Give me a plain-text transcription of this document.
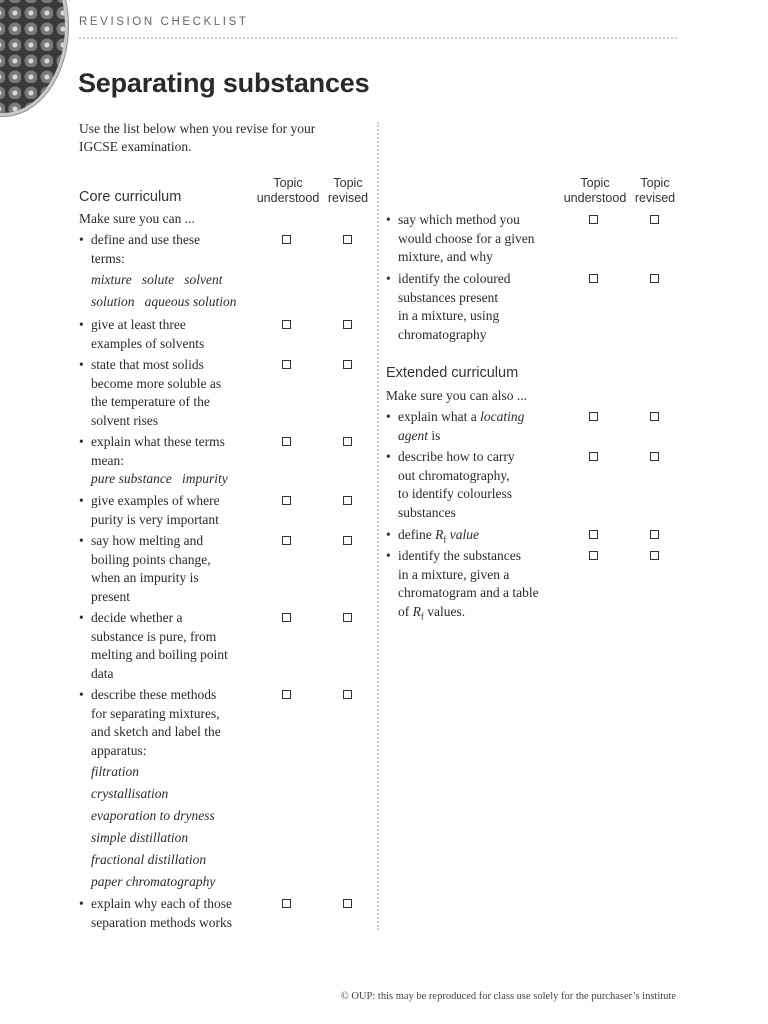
REVISION CHECKLIST
Separating substances
Use the list below when you revise for your
IGCSE examination.
Topic
understood
Topic
revised
Topic
understood
Topic
revised
Core curriculum
Make sure you can ...
• define and use these
terms:
mixture solute solvent
solution aqueous solution
• give at least three
examples of solvents
• state that most solids
become more soluble as
the temperature of the
solvent rises
• explain what these terms
mean:
pure substance impurity
• give examples of where
purity is very important
• say how melting and
boiling points change,
when an impurity is
present
• decide whether a
substance is pure, from
melting and boiling point
data
• describe these methods
for separating mixtures,
and sketch and label the
apparatus:
filtration
crystallisation
evaporation to dryness
simple distillation
fractional distillation
paper chromatography
• explain why each of those
separation methods works
• say which method you
would choose for a given
mixture, and why
• identify the coloured
substances present
in a mixture, using
chromatography
Extended curriculum
Make sure you can also ...
• explain what a locating
agent is
• describe how to carry
out chromatography,
to identify colourless
substances
• define $R_f$ value
• identify the substances
in a mixture, given a
chromatogram and a table
of $R_f$ values.
© OUP: this may be reproduced for class use solely for the purchaser’s institute
